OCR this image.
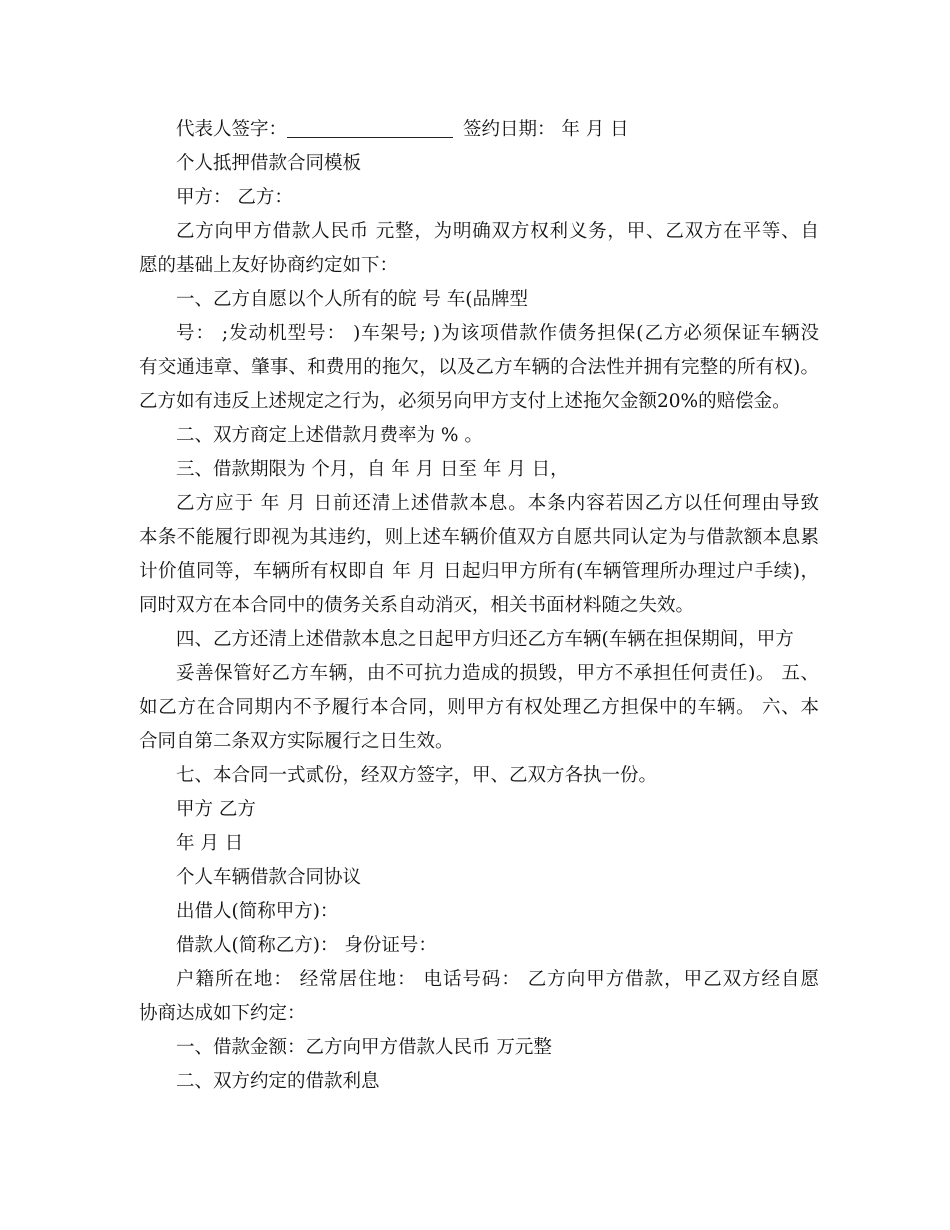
代表人签字：	签约日期： 年 月 日
个人抵押借款合同模板
甲方： 乙方：
乙方向甲方借款人民币 元整，为明确双方权利义务，甲、乙双方在平等、自
愿的基础上友好协商约定如下：
一、乙方自愿以个人所有的皖 号 车(品牌型
号： ;发动机型号： )车架号; )为该项借款作债务担保(乙方必须保证车辆没
有交通违章、肇事、和费用的拖欠，以及乙方车辆的合法性并拥有完整的所有权)。
乙方如有违反上述规定之行为，必须另向甲方支付上述拖欠金额20%的赔偿金。
二、双方商定上述借款月费率为 % 。
三、借款期限为 个月，自 年 月 日至 年 月 日，
乙方应于 年 月 日前还清上述借款本息。本条内容若因乙方以任何理由导致
本条不能履行即视为其违约，则上述车辆价值双方自愿共同认定为与借款额本息累
计价值同等，车辆所有权即自 年 月 日起归甲方所有(车辆管理所办理过户手续)，
同时双方在本合同中的债务关系自动消灭，相关书面材料随之失效。
四、乙方还清上述借款本息之日起甲方归还乙方车辆(车辆在担保期间，甲方
妥善保管好乙方车辆，由不可抗力造成的损毁，甲方不承担任何责任)。 五、
如乙方在合同期内不予履行本合同，则甲方有权处理乙方担保中的车辆。 六、本
合同自第二条双方实际履行之日生效。
七、本合同一式贰份，经双方签字，甲、乙双方各执一份。
甲方 乙方
年 月 日
个人车辆借款合同协议
出借人(简称甲方)：
借款人(简称乙方)： 身份证号：
户籍所在地： 经常居住地： 电话号码： 乙方向甲方借款，甲乙双方经自愿
协商达成如下约定：
一、借款金额：乙方向甲方借款人民币 万元整
二、双方约定的借款利息
